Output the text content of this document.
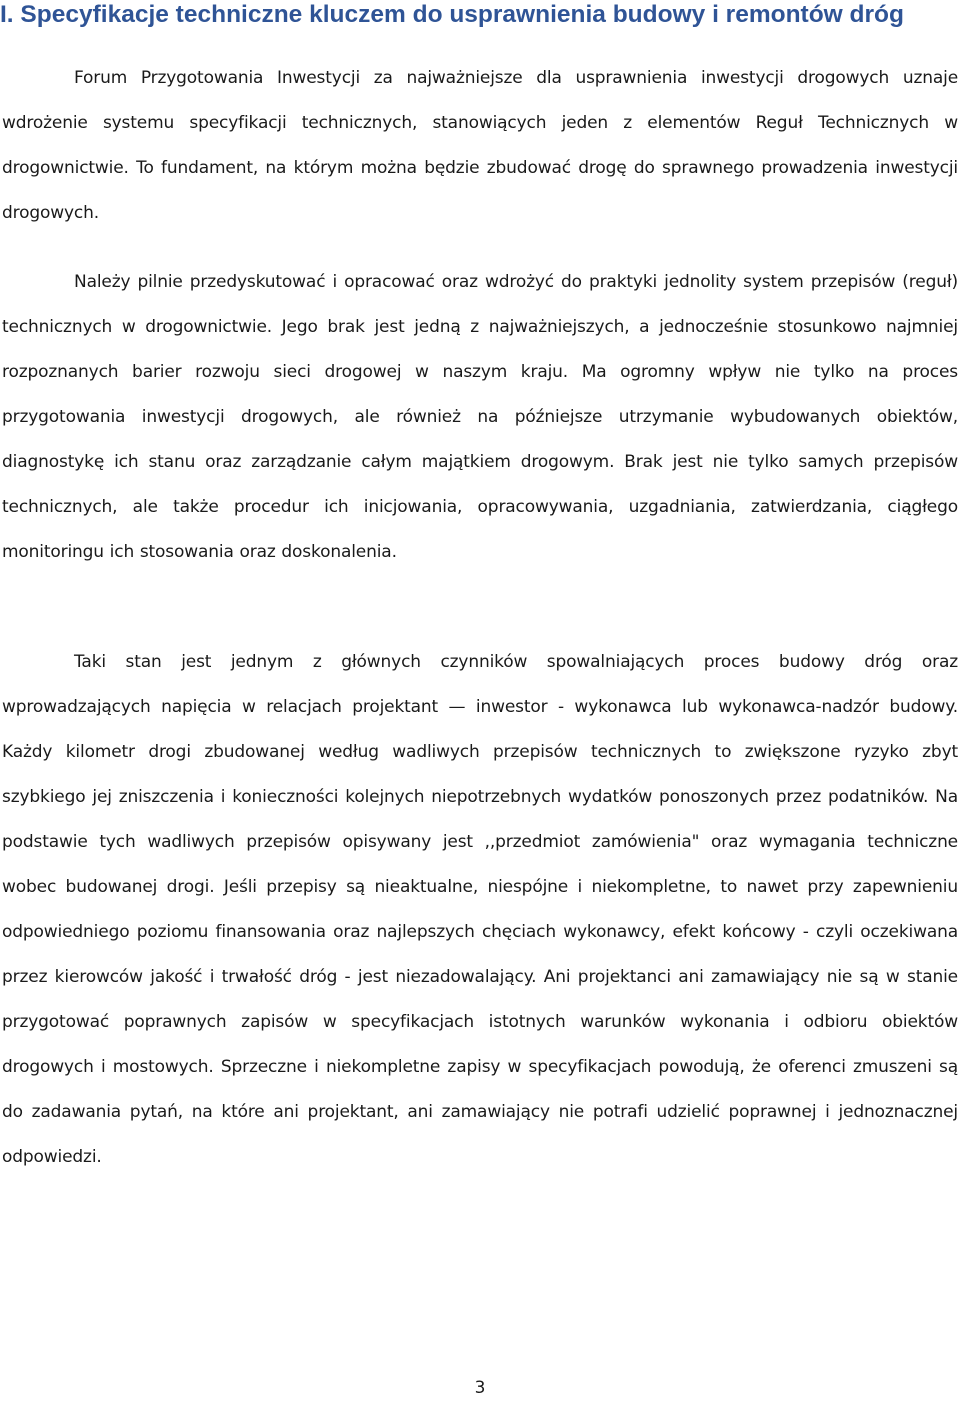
I. Specyfikacje techniczne kluczem do usprawnienia budowy i remontów dróg

Forum Przygotowania Inwestycji za najważniejsze dla usprawnienia inwestycji drogowych uznaje wdrożenie systemu specyfikacji technicznych, stanowiących jeden z elementów Reguł Technicznych w drogownictwie. To fundament, na którym można będzie zbudować drogę do sprawnego prowadzenia inwestycji drogowych.

Należy pilnie przedyskutować i opracować oraz wdrożyć do praktyki jednolity system przepisów (reguł) technicznych w drogownictwie. Jego brak jest jedną z najważniejszych, a jednocześnie stosunkowo najmniej rozpoznanych barier rozwoju sieci drogowej w naszym kraju. Ma ogromny wpływ nie tylko na proces przygotowania inwestycji drogowych, ale również na późniejsze utrzymanie wybudowanych obiektów, diagnostykę ich stanu oraz zarządzanie całym majątkiem drogowym. Brak jest nie tylko samych przepisów technicznych, ale także procedur ich inicjowania, opracowywania, uzgadniania, zatwierdzania, ciągłego monitoringu ich stosowania oraz doskonalenia.

Taki stan jest jednym z głównych czynników spowalniających proces budowy dróg oraz wprowadzających napięcia w relacjach projektant — inwestor - wykonawca lub wykonawca-nadzór budowy. Każdy kilometr drogi zbudowanej według wadliwych przepisów technicznych to zwiększone ryzyko zbyt szybkiego jej zniszczenia i konieczności kolejnych niepotrzebnych wydatków ponoszonych przez podatników. Na podstawie tych wadliwych przepisów opisywany jest ,,przedmiot zamówienia" oraz wymagania techniczne wobec budowanej drogi. Jeśli przepisy są nieaktualne, niespójne i niekompletne, to nawet przy zapewnieniu odpowiedniego poziomu finansowania oraz najlepszych chęciach wykonawcy, efekt końcowy - czyli oczekiwana przez kierowców jakość i trwałość dróg - jest niezadowalający. Ani projektanci ani zamawiający nie są w stanie przygotować poprawnych zapisów w specyfikacjach istotnych warunków wykonania i odbioru obiektów drogowych i mostowych. Sprzeczne i niekompletne zapisy w specyfikacjach powodują, że oferenci zmuszeni są do zadawania pytań, na które ani projektant, ani zamawiający nie potrafi udzielić poprawnej i jednoznacznej odpowiedzi.

3
